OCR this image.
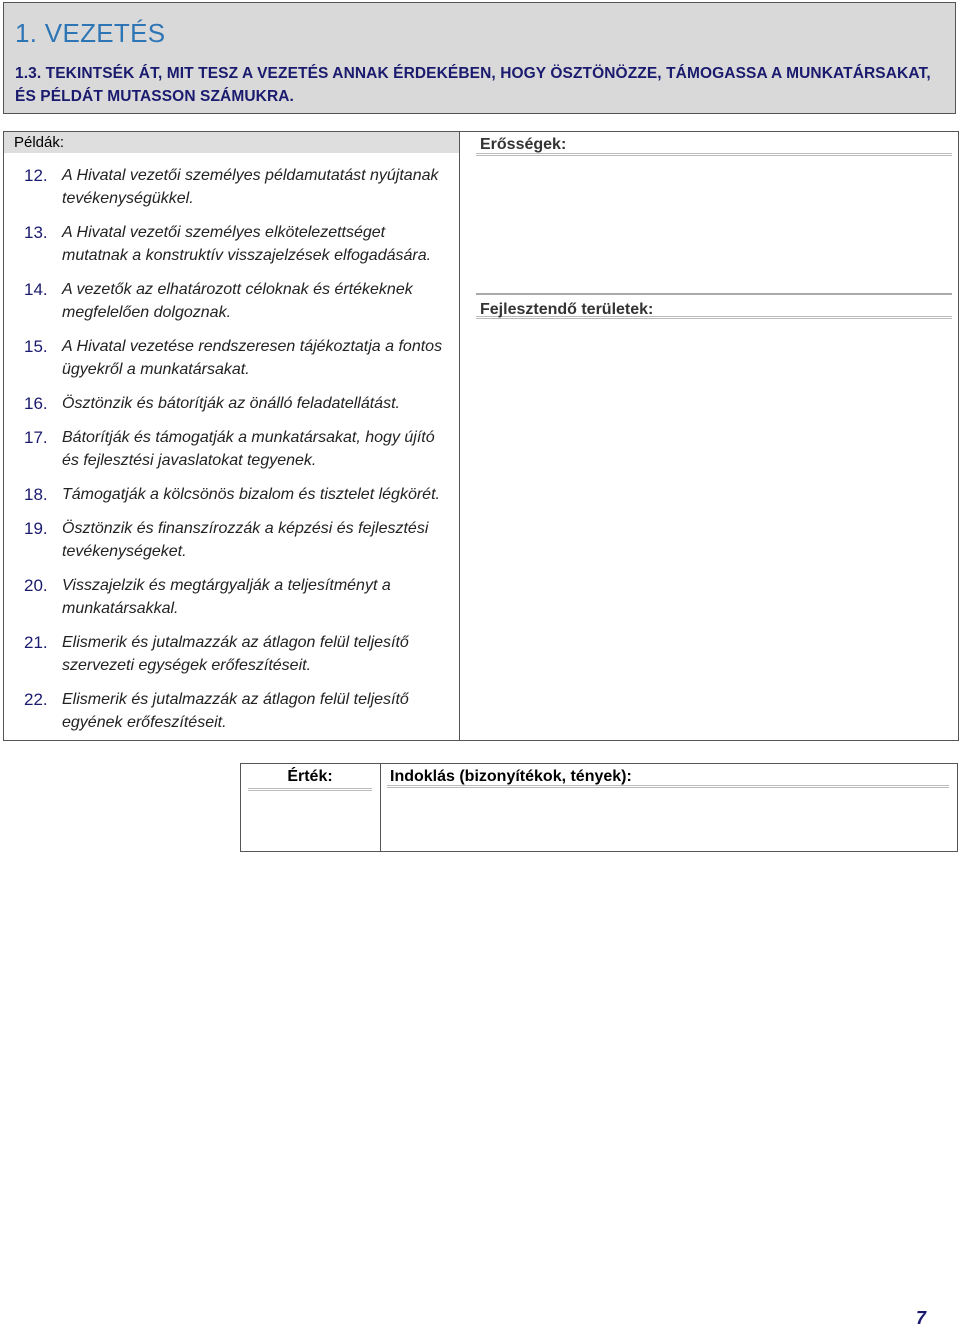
1. VEZETÉS
1.3. TEKINTSÉK ÁT, MIT TESZ A VEZETÉS ANNAK ÉRDEKÉBEN, HOGY ÖSZTÖNÖZZE, TÁMOGASSA A MUNKATÁRSAKAT, ÉS PÉLDÁT MUTASSON SZÁMUKRA.
Példák:
12. A Hivatal vezetői személyes példamutatást nyújtanak tevékenységükkel.
13. A Hivatal vezetői személyes elkötelezettséget mutatnak a konstruktív visszajelzések elfogadására.
14. A vezetők az elhatározott céloknak és értékeknek megfelelően dolgoznak.
15. A Hivatal vezetése rendszeresen tájékoztatja a fontos ügyekről a munkatársakat.
16. Ösztönzik és bátorítják az önálló feladatellátást.
17. Bátorítják és támogatják a munkatársakat, hogy újító és fejlesztési javaslatokat tegyenek.
18. Támogatják a kölcsönös bizalom és tisztelet légkörét.
19. Ösztönzik és finanszírozzák a képzési és fejlesztési tevékenységeket.
20. Visszajelzik és megtárgyalják a teljesítményt a munkatársakkal.
21. Elismerik és jutalmazzák az átlagon felül teljesítő szervezeti egységek erőfeszítéseit.
22. Elismerik és jutalmazzák az átlagon felül teljesítő egyének erőfeszítéseit.
Erősségek:
Fejlesztendő területek:
Érték:	Indoklás (bizonyítékok, tények):
7
